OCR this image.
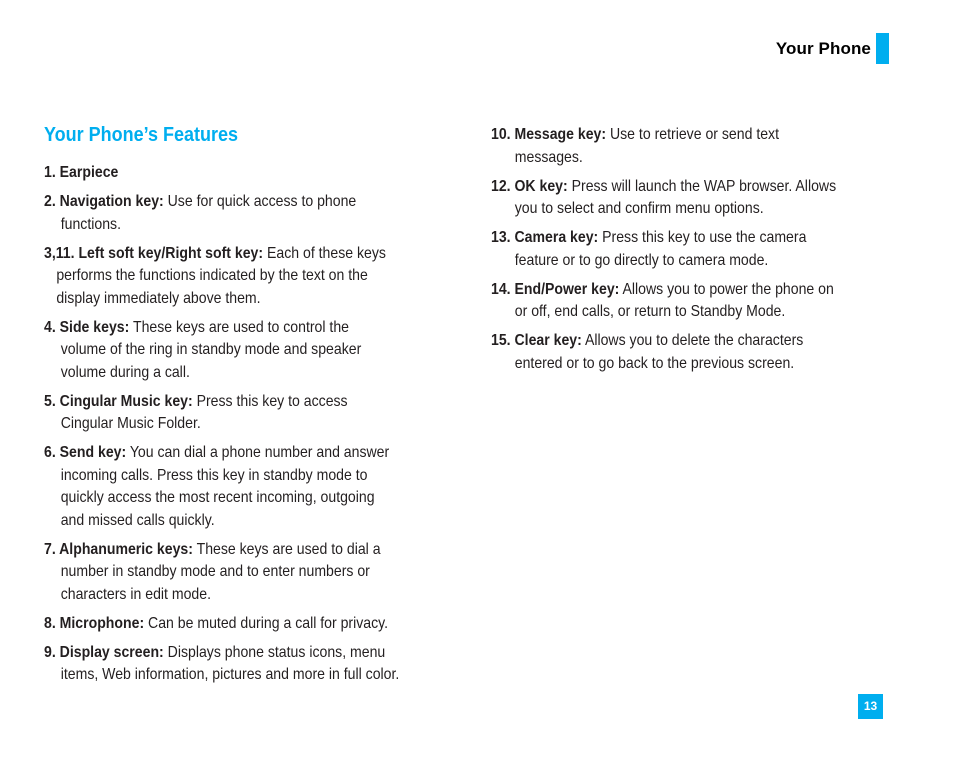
Your Phone
Your Phone’s Features
1. Earpiece
2. Navigation key: Use for quick access to phone
functions.
3,11. Left soft key/Right soft key: Each of these keys
performs the functions indicated by the text on the
display immediately above them.
4. Side keys: These keys are used to control the
volume of the ring in standby mode and speaker
volume during a call.
5. Cingular Music key: Press this key to access
Cingular Music Folder.
6. Send key: You can dial a phone number and answer
incoming calls. Press this key in standby mode to
quickly access the most recent incoming, outgoing
and missed calls quickly.
7. Alphanumeric keys: These keys are used to dial a
number in standby mode and to enter numbers or
characters in edit mode.
8. Microphone: Can be muted during a call for privacy.
9. Display screen: Displays phone status icons, menu
items, Web information, pictures and more in full color.
10. Message key: Use to retrieve or send text
messages.
12. OK key: Press will launch the WAP browser. Allows
you to select and confirm menu options.
13. Camera key: Press this key to use the camera
feature or to go directly to camera mode.
14. End/Power key: Allows you to power the phone on
or off, end calls, or return to Standby Mode.
15. Clear key: Allows you to delete the characters
entered or to go back to the previous screen.
13
